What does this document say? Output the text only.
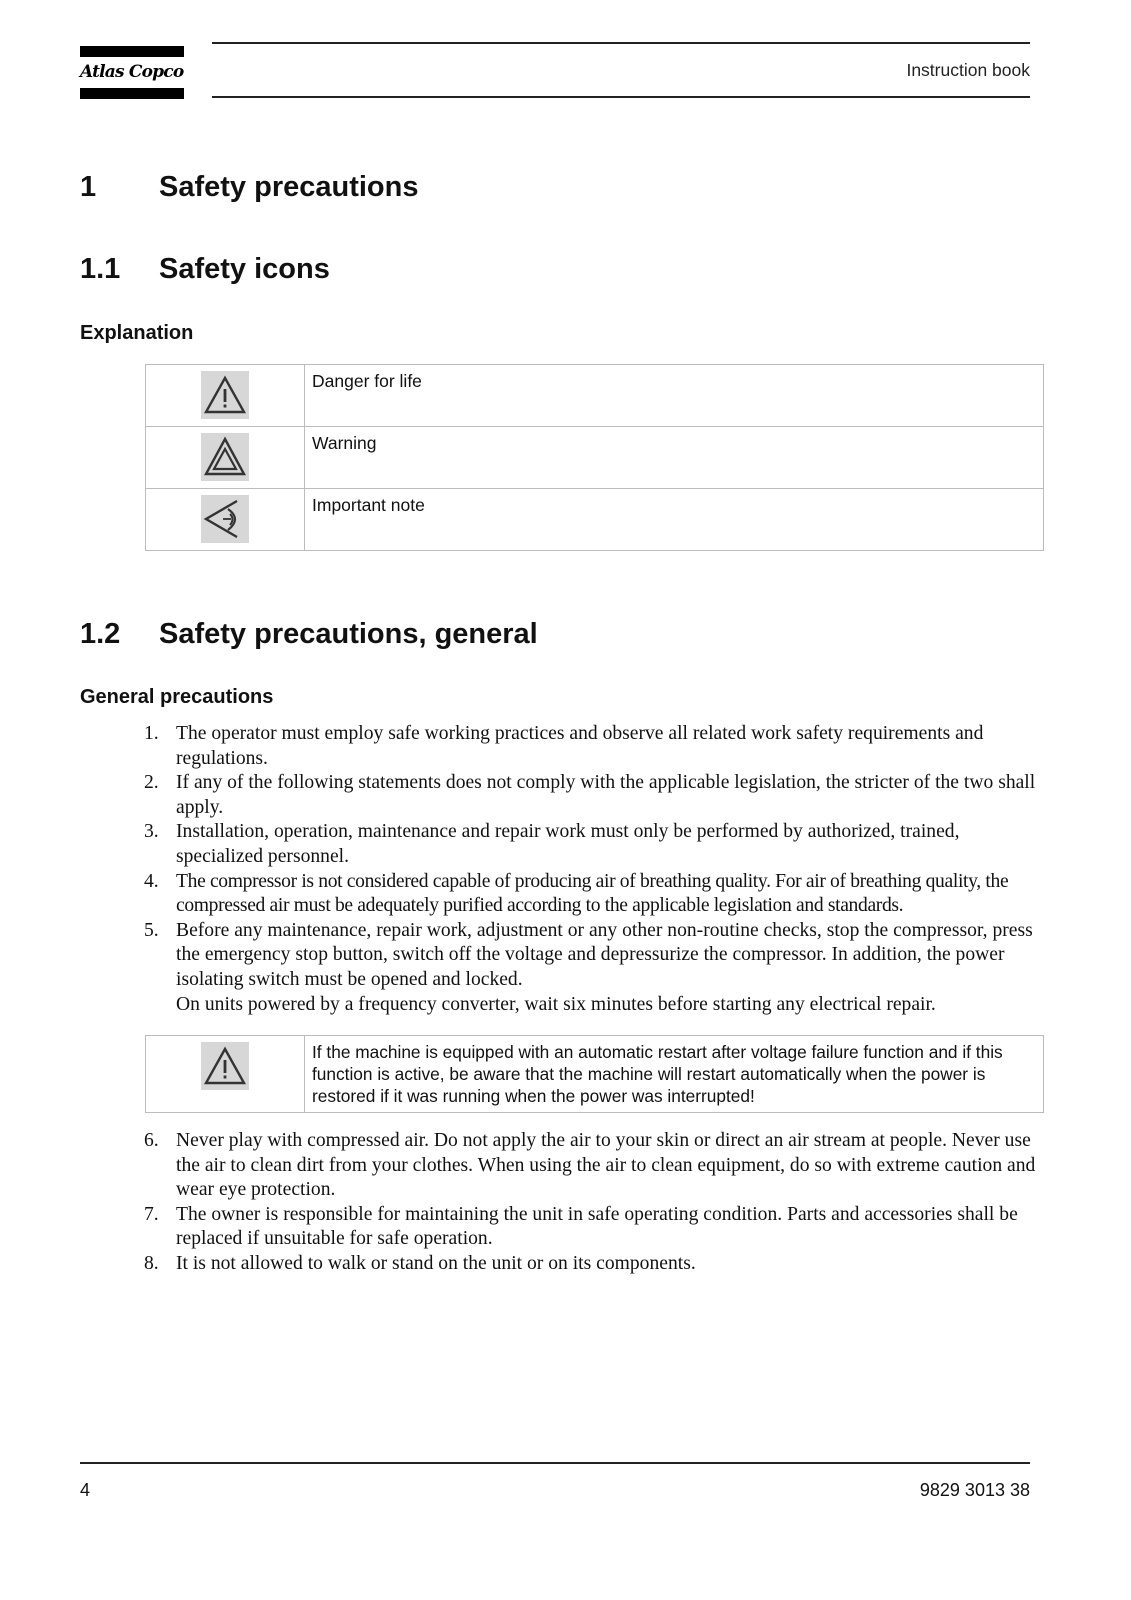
Atlas Copco	Instruction book
1 Safety precautions
1.1 Safety icons
Explanation
	Danger for life

	Warning

	Important note
1.2 Safety precautions, general
General precautions
1. The operator must employ safe working practices and observe all related work safety requirements and regulations.
2. If any of the following statements does not comply with the applicable legislation, the stricter of the two shall apply.
3. Installation, operation, maintenance and repair work must only be performed by authorized, trained, specialized personnel.
4. The compressor is not considered capable of producing air of breathing quality. For air of breathing quality, the compressed air must be adequately purified according to the applicable legislation and standards.
5. Before any maintenance, repair work, adjustment or any other non-routine checks, stop the compressor, press the emergency stop button, switch off the voltage and depressurize the compressor. In addition, the power isolating switch must be opened and locked.
On units powered by a frequency converter, wait six minutes before starting any electrical repair.
	If the machine is equipped with an automatic restart after voltage failure function and if this function is active, be aware that the machine will restart automatically when the power is restored if it was running when the power was interrupted!
6. Never play with compressed air. Do not apply the air to your skin or direct an air stream at people. Never use the air to clean dirt from your clothes. When using the air to clean equipment, do so with extreme caution and wear eye protection.
7. The owner is responsible for maintaining the unit in safe operating condition. Parts and accessories shall be replaced if unsuitable for safe operation.
8. It is not allowed to walk or stand on the unit or on its components.
4	9829 3013 38
